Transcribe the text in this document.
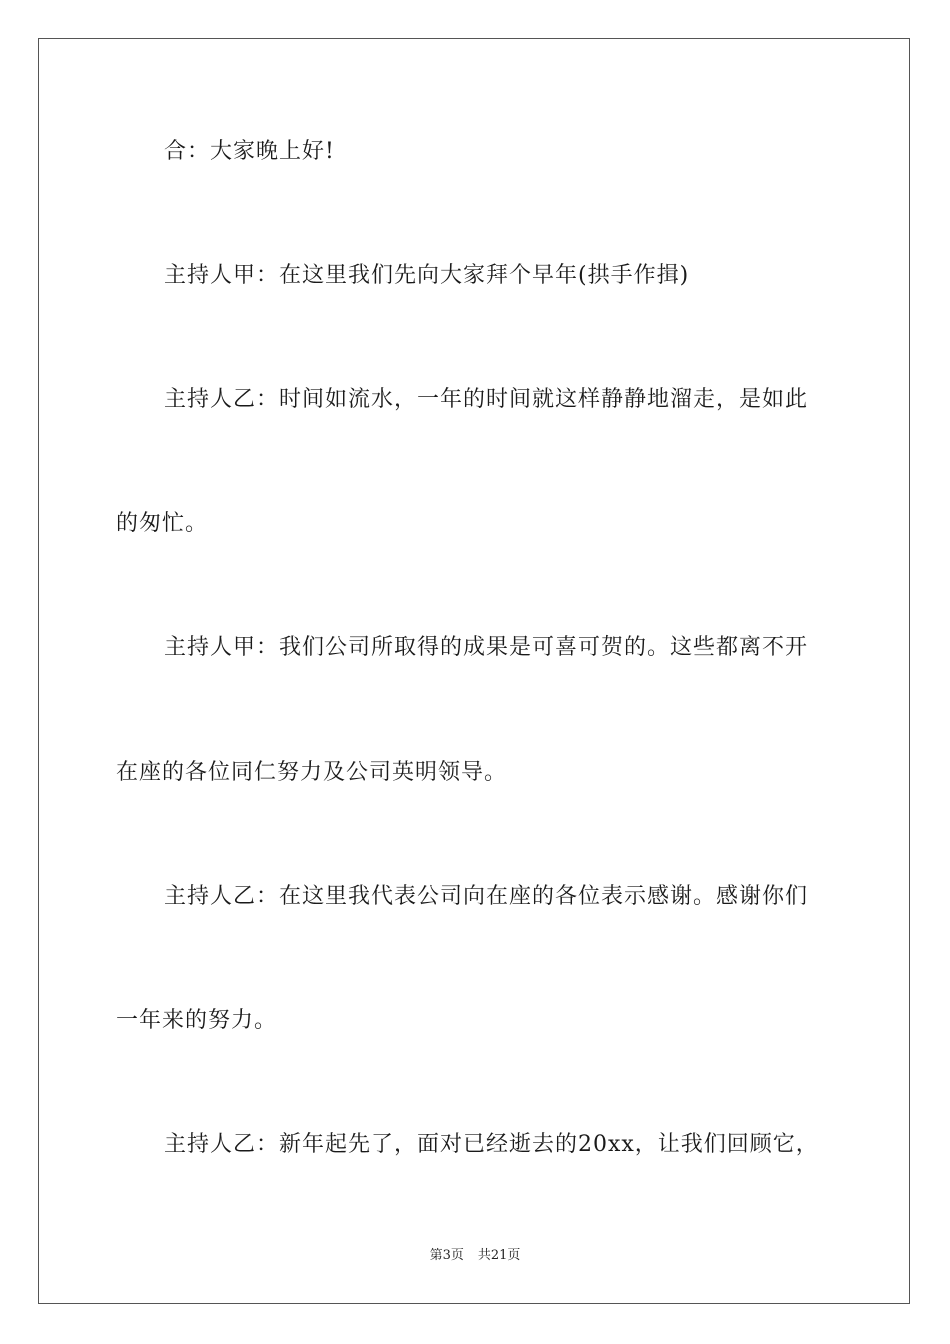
合：大家晚上好!
主持人甲：在这里我们先向大家拜个早年(拱手作揖)
主持人乙：时间如流水，一年的时间就这样静静地溜走，是如此
的匆忙。
主持人甲：我们公司所取得的成果是可喜可贺的。这些都离不开
在座的各位同仁努力及公司英明领导。
主持人乙：在这里我代表公司向在座的各位表示感谢。感谢你们
一年来的努力。
主持人乙：新年起先了，面对已经逝去的20xx，让我们回顾它，
第3页 共21页
